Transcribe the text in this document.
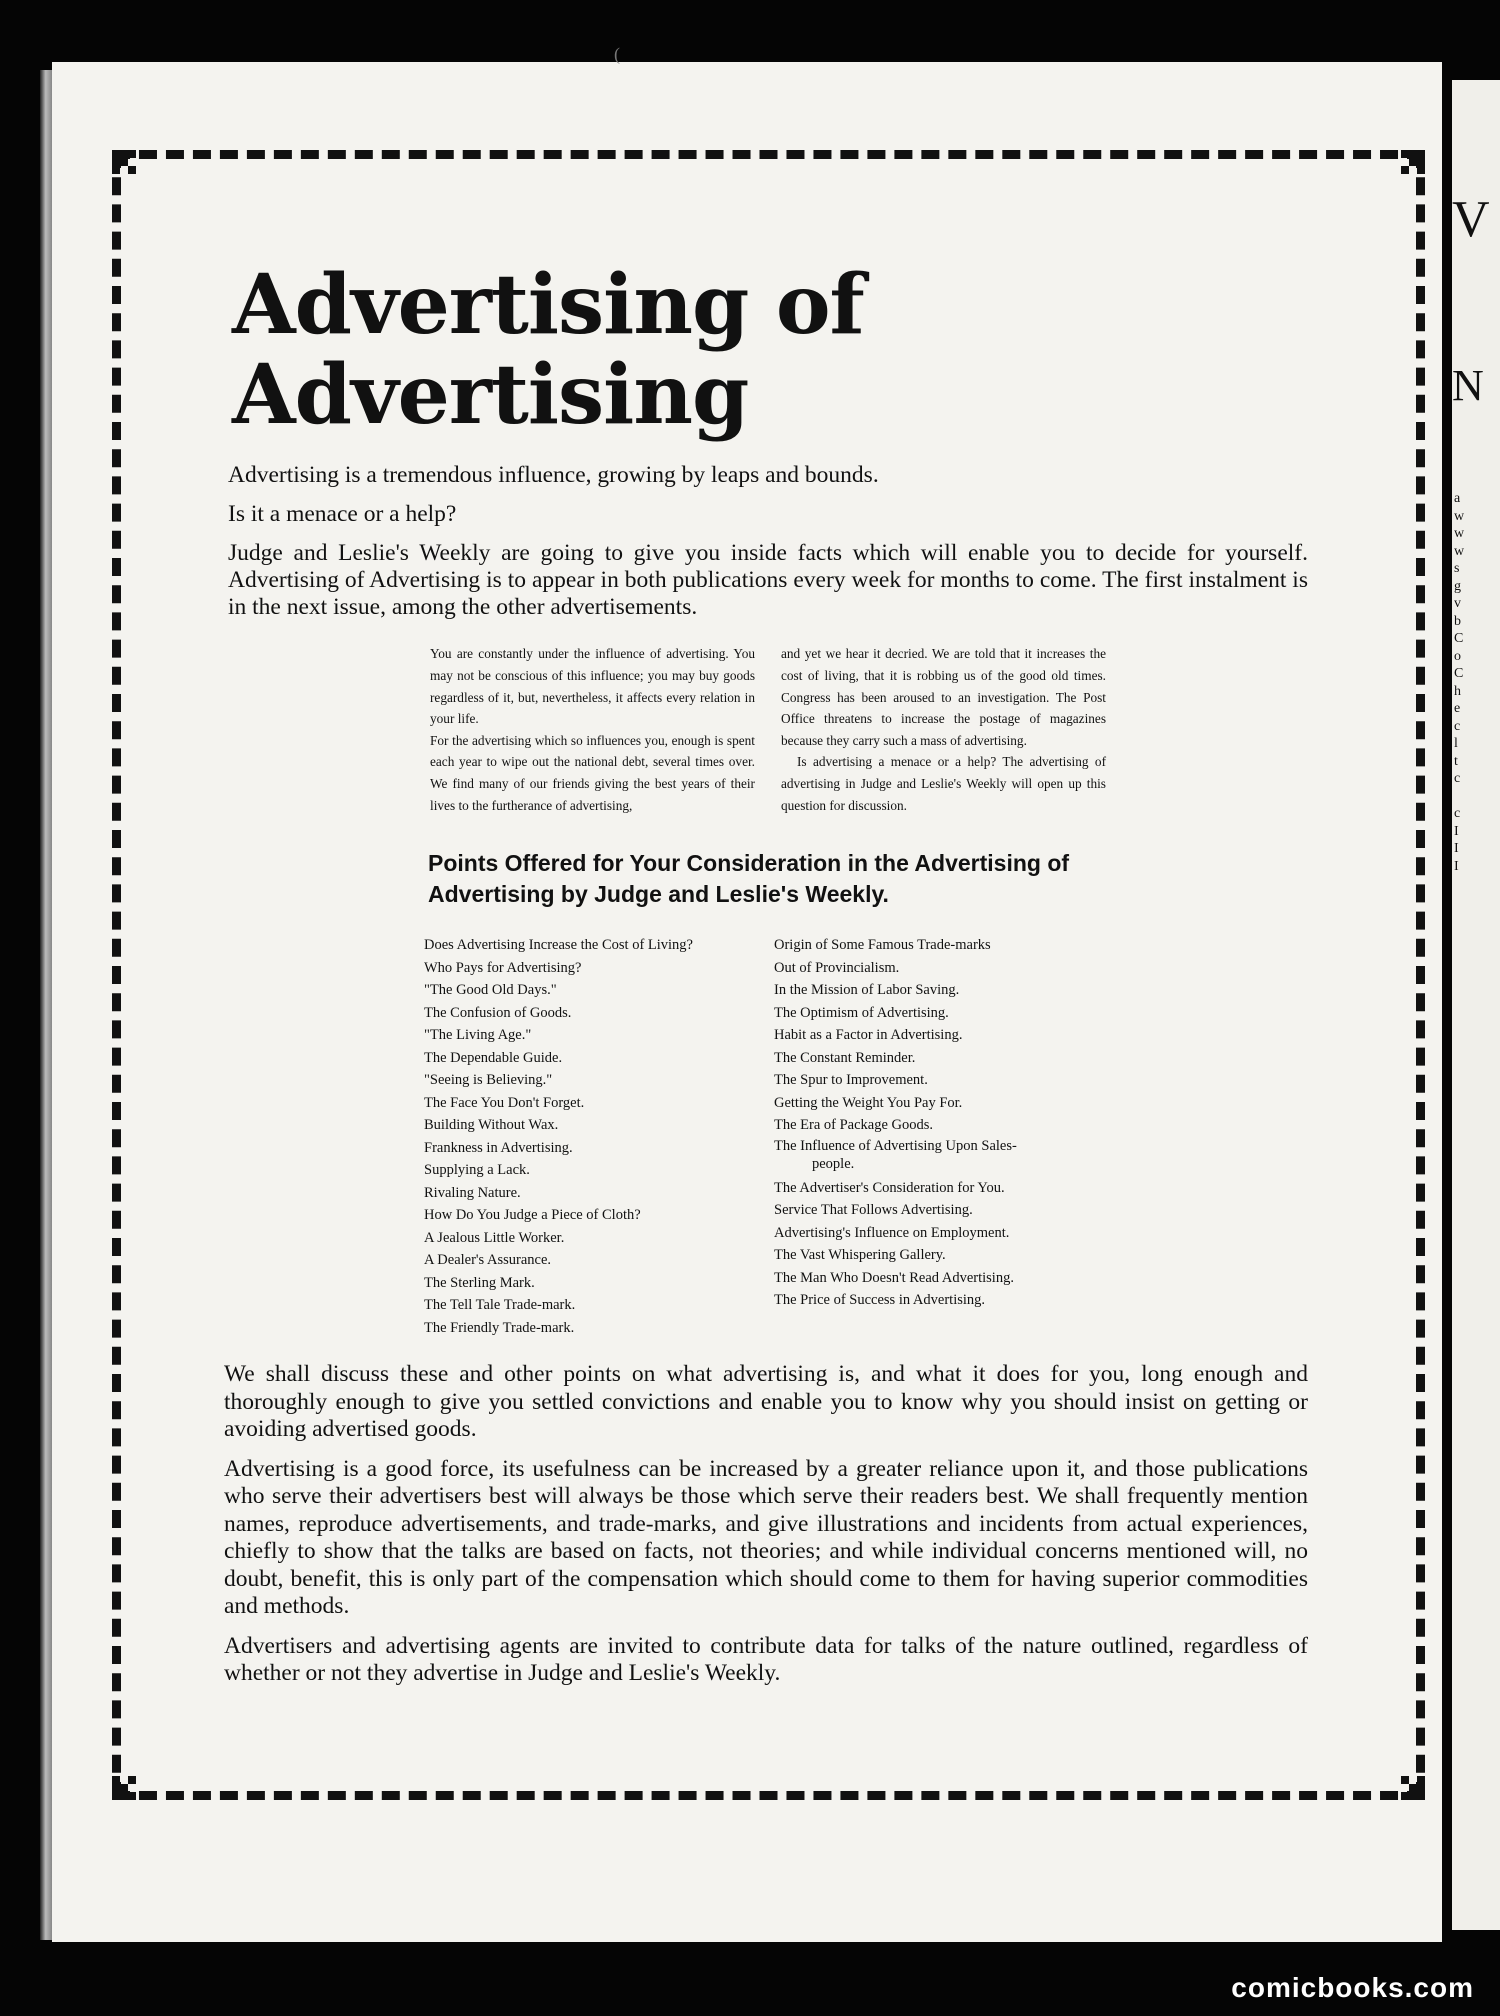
(
V
N
a
w
w
w
s
g
v
b
C
o
C
h
e
c
l
t
c

c
I
I
I
Advertising of Advertising

Advertising is a tremendous influence, growing by leaps and bounds.

Is it a menace or a help?

Judge and Leslie's Weekly are going to give you inside facts which will enable you to decide for yourself. Advertising of Advertising is to appear in both publications every week for months to come. The first instalment is in the next issue, among the other advertisements.

You are constantly under the influence of advertising. You may not be conscious of this influence; you may buy goods regardless of it, but, nevertheless, it affects every relation in your life.

For the advertising which so influences you, enough is spent each year to wipe out the national debt, several times over. We find many of our friends giving the best years of their lives to the furtherance of advertising,

and yet we hear it decried. We are told that it increases the cost of living, that it is robbing us of the good old times. Congress has been aroused to an investigation. The Post Office threatens to increase the postage of magazines because they carry such a mass of advertising.

Is advertising a menace or a help? The advertising of advertising in Judge and Leslie's Weekly will open up this question for discussion.

Points Offered for Your Consideration in the Advertising of Advertising by Judge and Leslie's Weekly.
Does Advertising Increase the Cost of Living?
Who Pays for Advertising?
"The Good Old Days."
The Confusion of Goods.
"The Living Age."
The Dependable Guide.
"Seeing is Believing."
The Face You Don't Forget.
Building Without Wax.
Frankness in Advertising.
Supplying a Lack.
Rivaling Nature.
How Do You Judge a Piece of Cloth?
A Jealous Little Worker.
A Dealer's Assurance.
The Sterling Mark.
The Tell Tale Trade-mark.
The Friendly Trade-mark.
Origin of Some Famous Trade-marks
Out of Provincialism.
In the Mission of Labor Saving.
The Optimism of Advertising.
Habit as a Factor in Advertising.
The Constant Reminder.
The Spur to Improvement.
Getting the Weight You Pay For.
The Era of Package Goods.
The Influence of Advertising Upon Sales-
people.
The Advertiser's Consideration for You.
Service That Follows Advertising.
Advertising's Influence on Employment.
The Vast Whispering Gallery.
The Man Who Doesn't Read Advertising.
The Price of Success in Advertising.

We shall discuss these and other points on what advertising is, and what it does for you, long enough and thoroughly enough to give you settled convictions and enable you to know why you should insist on getting or avoiding advertised goods.

Advertising is a good force, its usefulness can be increased by a greater reliance upon it, and those publications who serve their advertisers best will always be those which serve their readers best. We shall frequently mention names, reproduce advertisements, and trade-marks, and give illustrations and incidents from actual experiences, chiefly to show that the talks are based on facts, not theories; and while individual concerns mentioned will, no doubt, benefit, this is only part of the compensation which should come to them for having superior commodities and methods.

Advertisers and advertising agents are invited to contribute data for talks of the nature outlined, regardless of whether or not they advertise in Judge and Leslie's Weekly.

comicbooks.com
